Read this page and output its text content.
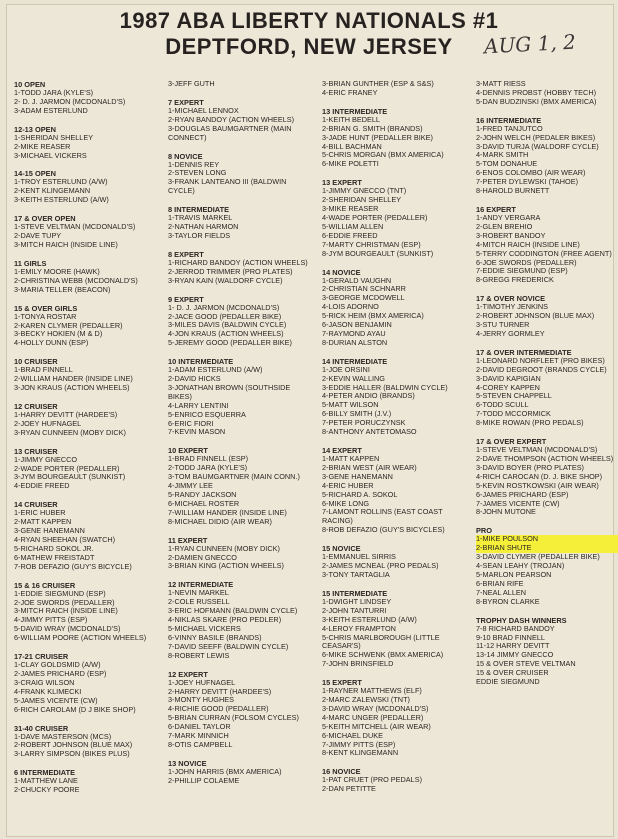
1987 ABA LIBERTY NATIONALS #1
DEPTFORD, NEW JERSEY	AUG 1, 2
10 OPEN
1-TODD JARA (KYLE'S)
2- D. J. JARMON (MCDONALD'S)
3-ADAM ESTERLUND
12-13 OPEN
1-SHERIDAN SHELLEY
2-MIKE REASER
3-MICHAEL VICKERS
14-15 OPEN
1-TROY ESTERLUND (A/W)
2-KENT KLINGEMANN
3-KEITH ESTERLUND (A/W)
17 & OVER OPEN
1-STEVE VELTMAN (MCDONALD'S)
2-DAVE TUPY
3-MITCH RAICH (INSIDE LINE)
11 GIRLS
1-EMILY MOORE (HAWK)
2-CHRISTINA WEBB (MCDONALD'S)
3-MARIA TELLER (BEACON)
15 & OVER GIRLS
1-TONYA ROSTAR
2-KAREN CLYMER (PEDALLER)
3-BECKY HOKIEN (M & D)
4-HOLLY DUNN (ESP)
10 CRUISER
1-BRAD FINNELL
2-WILLIAM HANDER (INSIDE LINE)
3-JON KRAUS (ACTION WHEELS)
12 CRUISER
1-HARRY DEVITT (HARDEE'S)
2-JOEY HUFNAGEL
3-RYAN CUNNEEN (MOBY DICK)
13 CRUISER
1-JIMMY GNECCO
2-WADE PORTER (PEDALLER)
3-JYM BOURGEAULT (SUNKIST)
4-EDDIE FREED
14 CRUISER
1-ERIC HUBER
2-MATT KAPPEN
3-GENE HANEMANN
4-RYAN SHEEHAN (SWATCH)
5-RICHARD SOKOL JR.
6-MATHEW FREISTADT
7-ROB DEFAZIO (GUY'S BICYCLE)
15 & 16 CRUISER
1-EDDIE SIEGMUND (ESP)
2-JOE SWORDS (PEDALLER)
3-MITCH RAICH (INSIDE LINE)
4-JIMMY PITTS (ESP)
5-DAVID WRAY (MCDONALD'S)
6-WILLIAM POORE (ACTION WHEELS)
17-21 CRUISER
1-CLAY GOLDSMID (A/W)
2-JAMES PRICHARD (ESP)
3-CRAIG WILSON
4-FRANK KLIMECKI
5-JAMES VICENTE (CW)
6-RICH CAROLAM (D J BIKE SHOP)
31-40 CRUISER
1-DAVE MASTERSON (MCS)
2-ROBERT JOHNSON (BLUE MAX)
3-LARRY SIMPSON (BIKES PLUS)
6 INTERMEDIATE
1-MATTHEW LANE
2-CHUCKY POORE
3-JEFF GUTH
7 EXPERT
1-MICHAEL LENNOX
2-RYAN BANDOY (ACTION WHEELS)
3-DOUGLAS BAUMGARTNER (MAIN CONNECT)
8 NOVICE
1-DENNIS REY
2-STEVEN LONG
3-FRANK LANTEANO III (BALDWIN CYCLE)
8 INTERMEDIATE
1-TRAVIS MARKEL
2-NATHAN HARMON
3-TAYLOR FIELDS
8 EXPERT
1-RICHARD BANDOY (ACTION WHEELS)
2-JERROD TRIMMER (PRO PLATES)
3-RYAN KAIN (WALDORF CYCLE)
9 EXPERT
1- D. J. JARMON (MCDONALD'S)
2-JACE GOOD (PEDALLER BIKE)
3-MILES DAVIS (BALDWIN CYCLE)
4-JON KRAUS (ACTION WHEELS)
5-JEREMY GOOD (PEDALLER BIKE)
10 INTERMEDIATE
1-ADAM ESTERLUND (A/W)
2-DAVID HICKS
3-JONATHAN BROWN (SOUTHSIDE BIKES)
4-LARRY LENTINI
5-ENRICO ESQUERRA
6-ERIC FIORI
7-KEVIN MASON
10 EXPERT
1-BRAD FINNELL (ESP)
2-TODD JARA (KYLE'S)
3-TOM BAUMGARTNER (MAIN CONN.)
4-JIMMY LEE
5-RANDY JACKSON
6-MICHAEL ROSTER
7-WILLIAM HANDER (INSIDE LINE)
8-MICHAEL DIDIO (AIR WEAR)
11 EXPERT
1-RYAN CUNNEEN (MOBY DICK)
2-DAMIEN GNECCO
3-BRIAN KING (ACTION WHEELS)
12 INTERMEDIATE
1-NEVIN MARKEL
2-COLE RUSSELL
3-ERIC HOFMANN (BALDWIN CYCLE)
4-NIKLAS SKARE (PRO PEDLER)
5-MICHAEL VICKERS
6-VINNY BASILE (BRANDS)
7-DAVID SEEFF (BALDWIN CYCLE)
8-ROBERT LEWIS
12 EXPERT
1-JOEY HUFNAGEL
2-HARRY DEVITT (HARDEE'S)
3-MONTY HUGHES
4-RICHIE GOOD (PEDALLER)
5-BRIAN CURRAN (FOLSOM CYCLES)
6-DANIEL TAYLOR
7-MARK MINNICH
8-OTIS CAMPBELL
13 NOVICE
1-JOHN HARRIS (BMX AMERICA)
2-PHILLIP COLAEME
3-BRIAN GUNTHER (ESP & S&S)
4-ERIC FRANEY
13 INTERMEDIATE
1-KEITH BEDELL
2-BRIAN G. SMITH (BRANDS)
3-JADE HUNT (PEDALLER BIKE)
4-BILL BACHMAN
5-CHRIS MORGAN (BMX AMERICA)
6-MIKE POLETTI
13 EXPERT
1-JIMMY GNECCO (TNT)
2-SHERIDAN SHELLEY
3-MIKE REASER
4-WADE PORTER (PEDALLER)
5-WILLIAM ALLEN
6-EDDIE FREED
7-MARTY CHRISTMAN (ESP)
8-JYM BOURGEAULT (SUNKIST)
14 NOVICE
1-GERALD VAUGHN
2-CHRISTIAN SCHNARR
3-GEORGE MCDOWELL
4-LOIS ADORNO
5-RICK HEIM (BMX AMERICA)
6-JASON BENJAMIN
7-RAYMOND AYAU
8-DURIAN ALSTON
14 INTERMEDIATE
1-JOE ORSINI
2-KEVIN WALLING
3-EDDIE HALLER (BALDWIN CYCLE)
4-PETER ANDIO (BRANDS)
5-MATT WILSON
6-BILLY SMITH (J.V.)
7-PETER PORUCZYNSK
8-ANTHONY ANTETOMASO
14 EXPERT
1-MATT KAPPEN
2-BRIAN WEST (AIR WEAR)
3-GENE HANEMANN
4-ERIC HUBER
5-RICHARD A. SOKOL
6-MIKE LONG
7-LAMONT ROLLINS (EAST COAST RACING)
8-ROB DEFAZIO (GUY'S BICYCLES)
15 NOVICE
1-EMMANUEL SIRRIS
2-JAMES MCNEAL (PRO PEDALS)
3-TONY TARTAGLIA
15 INTERMEDIATE
1-DWIGHT LINDSEY
2-JOHN TANTURRI
3-KEITH ESTERLUND (A/W)
4-LEROY FRAMPTON
5-CHRIS MARLBOROUGH (LITTLE CEASAR'S)
6-MIKE SCHWENK (BMX AMERICA)
7-JOHN BRINSFIELD
15 EXPERT
1-RAYNER MATTHEWS (ELF)
2-MARC ZALEWSKI (TNT)
3-DAVID WRAY (MCDONALD'S)
4-MARC UNGER (PEDALLER)
5-KEITH MITCHELL (AIR WEAR)
6-MICHAEL DUKE
7-JIMMY PITTS (ESP)
8-KENT KLINGEMANN
16 NOVICE
1-PAT CRUET (PRO PEDALS)
2-DAN PETITTE
3-MATT RIESS
4-DENNIS PROBST (HOBBY TECH)
5-DAN BUDZINSKI (BMX AMERICA)
16 INTERMEDIATE
1-FRED TANJUTCO
2-JOHN WELCH (PEDALER BIKES)
3-DAVID TURJA (WALDORF CYCLE)
4-MARK SMITH
5-TOM DONAHUE
6-ENOS COLOMBO (AIR WEAR)
7-PETER DYLEWSKI (TAHOE)
8-HAROLD BURNETT
16 EXPERT
1-ANDY VERGARA
2-GLEN BREHIO
3-ROBERT BANDOY
4-MITCH RAICH (INSIDE LINE)
5-TERRY CODDINGTON (FREE AGENT)
6-JOE SWORDS (PEDALLER)
7-EDDIE SIEGMUND (ESP)
8-GREGG FREDERICK
17 & OVER NOVICE
1-TIMOTHY JENKINS
2-ROBERT JOHNSON (BLUE MAX)
3-STU TURNER
4-JERRY GORMLEY
17 & OVER INTERMEDIATE
1-LEONARD NORFLEET (PRO BIKES)
2-DAVID DEGROOT (BRANDS CYCLE)
3-DAVID KAPIGIAN
4-COREY KAPPEN
5-STEVEN CHAPPELL
6-TODD SCULL
7-TODD MCCORMICK
8-MIKE ROWAN (PRO PEDALS)
17 & OVER EXPERT
1-STEVE VELTMAN (MCDONALD'S)
2-DAVE THOMPSON (ACTION WHEELS)
3-DAVID BOYER (PRO PLATES)
4-RICH CAROCAN (D. J. BIKE SHOP)
5-KEVIN ROSTKOWSKI (AIR WEAR)
6-JAMES PRICHARD (ESP)
7-JAMES VICENTE (CW)
8-JOHN MUTONE
PRO
1-MIKE POULSON
2-BRIAN SHUTE
3-DAVID CLYMER (PEDALLER BIKE)
4-SEAN LEAHY (TROJAN)
5-MARLON PEARSON
6-BRIAN RIFE
7-NEAL ALLEN
8-BYRON CLARKE
TROPHY DASH WINNERS
7-8 RICHARD BANDOY
9-10 BRAD FINNELL
11-12 HARRY DEVITT
13-14 JIMMY GNECCO
15 & OVER STEVE VELTMAN
15 & OVER CRUISER
EDDIE SIEGMUND
